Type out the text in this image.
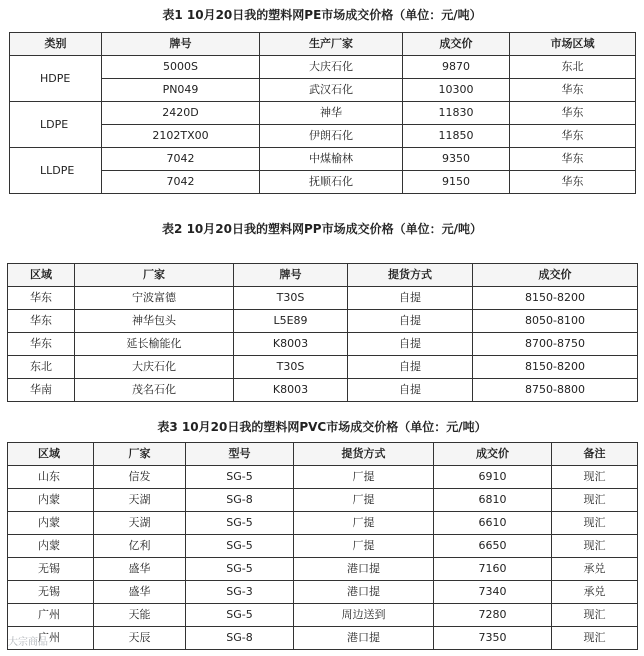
表1 10月20日我的塑料网PE市场成交价格（单位：元/吨）
类别	牌号	生产厂家	成交价	市场区域
HDPE	5000S	大庆石化	9870	东北
	PN049	武汉石化	10300	华东
LDPE	2420D	神华	11830	华东
	2102TX00	伊朗石化	11850	华东
LLDPE	7042	中煤榆林	9350	华东
	7042	抚顺石化	9150	华东
表2 10月20日我的塑料网PP市场成交价格（单位：元/吨）
区域	厂家	牌号	提货方式	成交价
华东	宁波富德	T30S	自提	8150-8200
华东	神华包头	L5E89	自提	8050-8100
华东	延长榆能化	K8003	自提	8700-8750
东北	大庆石化	T30S	自提	8150-8200
华南	茂名石化	K8003	自提	8750-8800
表3 10月20日我的塑料网PVC市场成交价格（单位：元/吨）
区域	厂家	型号	提货方式	成交价	备注
山东	信发	SG-5	厂提	6910	现汇
内蒙	天湖	SG-8	厂提	6810	现汇
内蒙	天湖	SG-5	厂提	6610	现汇
内蒙	亿利	SG-5	厂提	6650	现汇
无锡	盛华	SG-5	港口提	7160	承兑
无锡	盛华	SG-3	港口提	7340	承兑
广州	天能	SG-5	周边送到	7280	现汇
广州	天辰	SG-8	港口提	7350	现汇
大宗商品
